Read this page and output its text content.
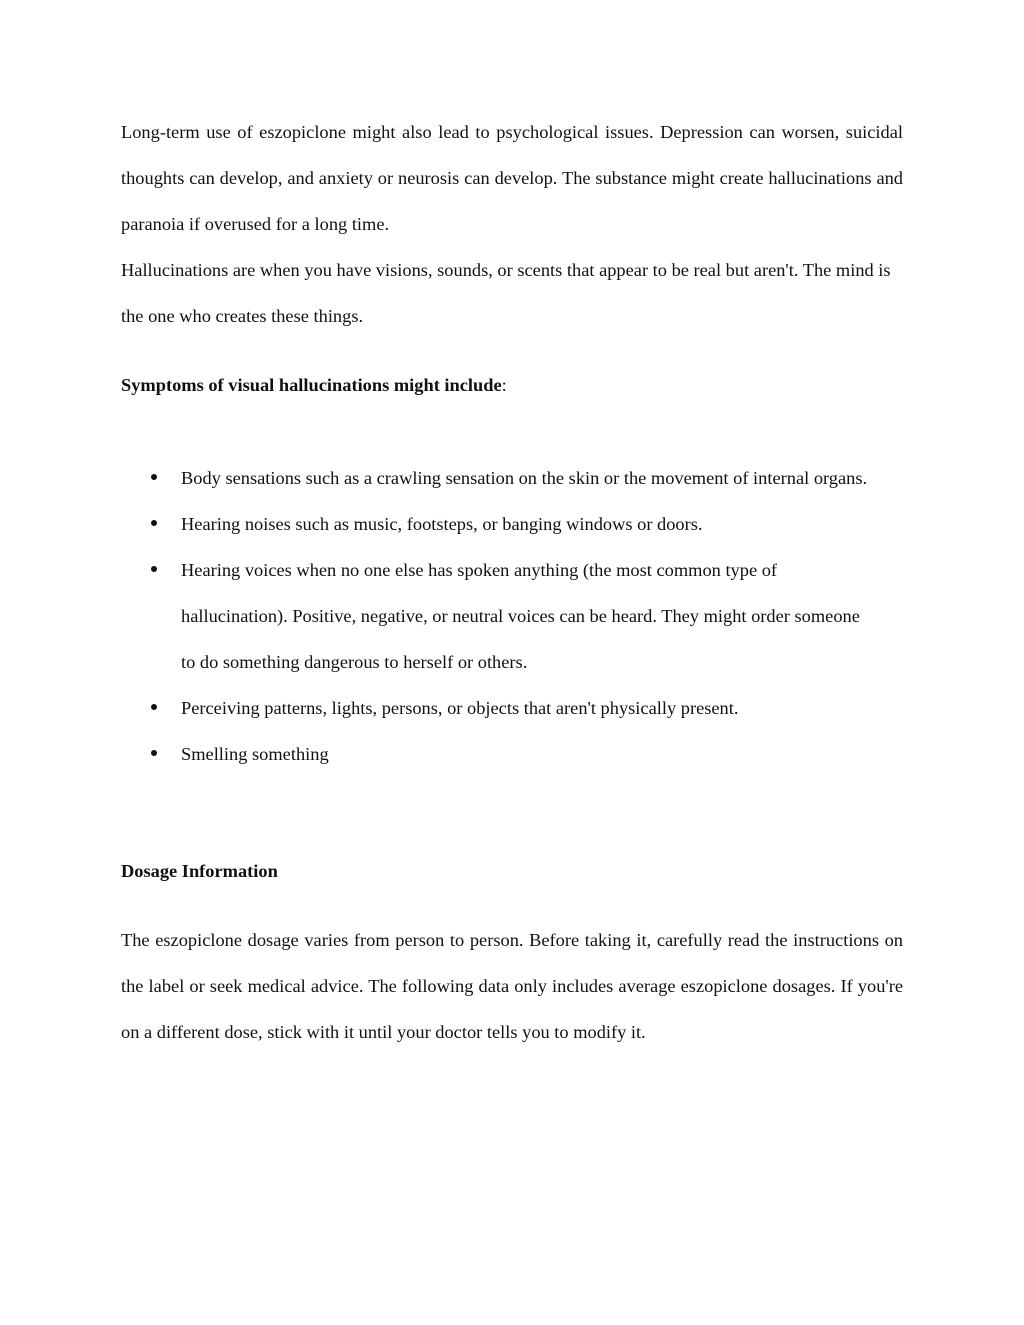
Long-term use of eszopiclone might also lead to psychological issues. Depression can worsen, suicidal thoughts can develop, and anxiety or neurosis can develop. The substance might create hallucinations and paranoia if overused for a long time.

Hallucinations are when you have visions, sounds, or scents that appear to be real but aren't. The mind is the one who creates these things.

Symptoms of visual hallucinations might include:

Body sensations such as a crawling sensation on the skin or the movement of internal organs.
Hearing noises such as music, footsteps, or banging windows or doors.
Hearing voices when no one else has spoken anything (the most common type of hallucination). Positive, negative, or neutral voices can be heard. They might order someone to do something dangerous to herself or others.
Perceiving patterns, lights, persons, or objects that aren't physically present.
Smelling something

Dosage Information

The eszopiclone dosage varies from person to person. Before taking it, carefully read the instructions on the label or seek medical advice. The following data only includes average eszopiclone dosages. If you're on a different dose, stick with it until your doctor tells you to modify it.
